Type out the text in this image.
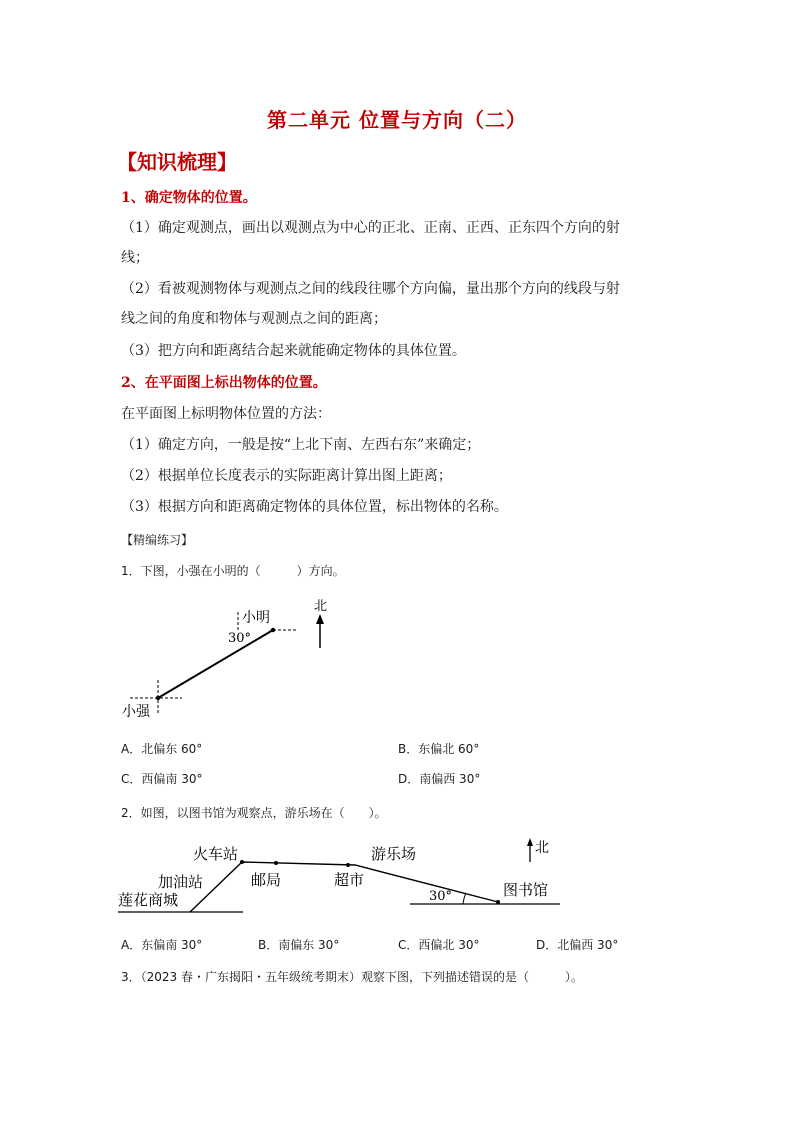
第二单元 位置与方向（二）
【知识梳理】
1、确定物体的位置。
（1）确定观测点，画出以观测点为中心的正北、正南、正西、正东四个方向的射
线；
（2）看被观测物体与观测点之间的线段往哪个方向偏，量出那个方向的线段与射
线之间的角度和物体与观测点之间的距离；
（3）把方向和距离结合起来就能确定物体的具体位置。
2、在平面图上标出物体的位置。
在平面图上标明物体位置的方法：
（1）确定方向，一般是按“上北下南、左西右东”来确定；
（2）根据单位长度表示的实际距离计算出图上距离；
（3）根据方向和距离确定物体的具体位置，标出物体的名称。
【精编练习】
1．下图，小强在小明的（　　　）方向。
北
小明
30°
小强
A．北偏东 60°	B．东偏北 60°
C．西偏南 30°	D．南偏西 30°
2．如图，以图书馆为观察点，游乐场在（　　）。
北
火车站
加油站
莲花商城
邮局	超市
游乐场
30°	图书馆
A．东偏南 30°	B．南偏东 30°	C．西偏北 30°	D．北偏西 30°
3．（2023 春・广东揭阳・五年级统考期末）观察下图，下列描述错误的是（　　　）。
